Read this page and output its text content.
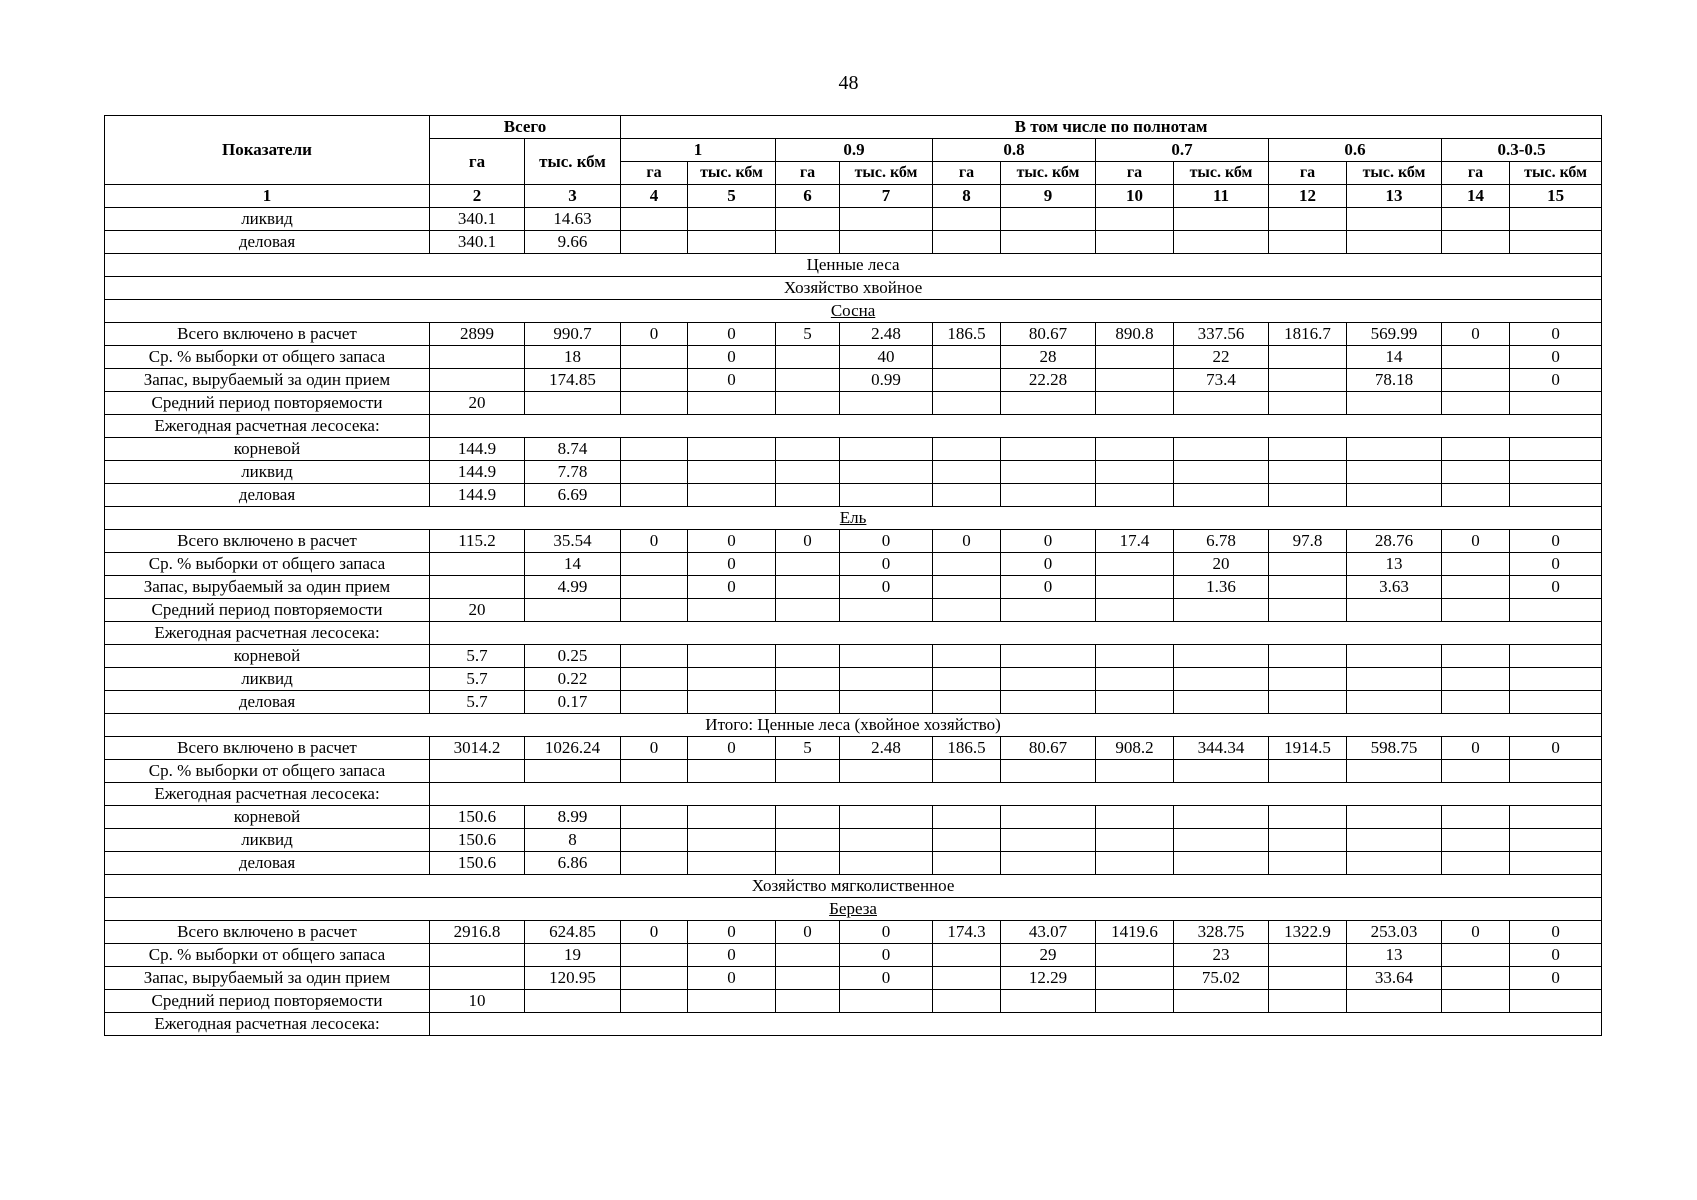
48
Показатели	Всего		В том числе по полнотам											
	га	тыс. кбм	1		0.9		0.8		0.7		0.6		0.3-0.5	
			га	тыс. кбм	га	тыс. кбм	га	тыс. кбм	га	тыс. кбм	га	тыс. кбм	га	тыс. кбм
1	2	3	4	5	6	7	8	9	10	11	12	13	14	15
ликвид	340.1	14.63												
деловая	340.1	9.66												
Ценные леса														
Хозяйство хвойное														
Сосна														
Всего включено в расчет	2899	990.7	0	0	5	2.48	186.5	80.67	890.8	337.56	1816.7	569.99	0	0
Ср. % выборки от общего запаса		18		0		40		28		22		14		0
Запас, вырубаемый за один прием		174.85		0		0.99		22.28		73.4		78.18		0
Средний период повторяемости	20													
Ежегодная расчетная лесосека:														
корневой	144.9	8.74												
ликвид	144.9	7.78												
деловая	144.9	6.69												
Ель														
Всего включено в расчет	115.2	35.54	0	0	0	0	0	0	17.4	6.78	97.8	28.76	0	0
Ср. % выборки от общего запаса		14		0		0		0		20		13		0
Запас, вырубаемый за один прием		4.99		0		0		0		1.36		3.63		0
Средний период повторяемости	20													
Ежегодная расчетная лесосека:														
корневой	5.7	0.25												
ликвид	5.7	0.22												
деловая	5.7	0.17												
Итого: Ценные леса (хвойное хозяйство)														
Всего включено в расчет	3014.2	1026.24	0	0	5	2.48	186.5	80.67	908.2	344.34	1914.5	598.75	0	0
Ср. % выборки от общего запаса														
Ежегодная расчетная лесосека:														
корневой	150.6	8.99												
ликвид	150.6	8												
деловая	150.6	6.86												
Хозяйство мягколиственное														
Береза														
Всего включено в расчет	2916.8	624.85	0	0	0	0	174.3	43.07	1419.6	328.75	1322.9	253.03	0	0
Ср. % выборки от общего запаса		19		0		0		29		23		13		0
Запас, вырубаемый за один прием		120.95		0		0		12.29		75.02		33.64		0
Средний период повторяемости	10													
Ежегодная расчетная лесосека:														
